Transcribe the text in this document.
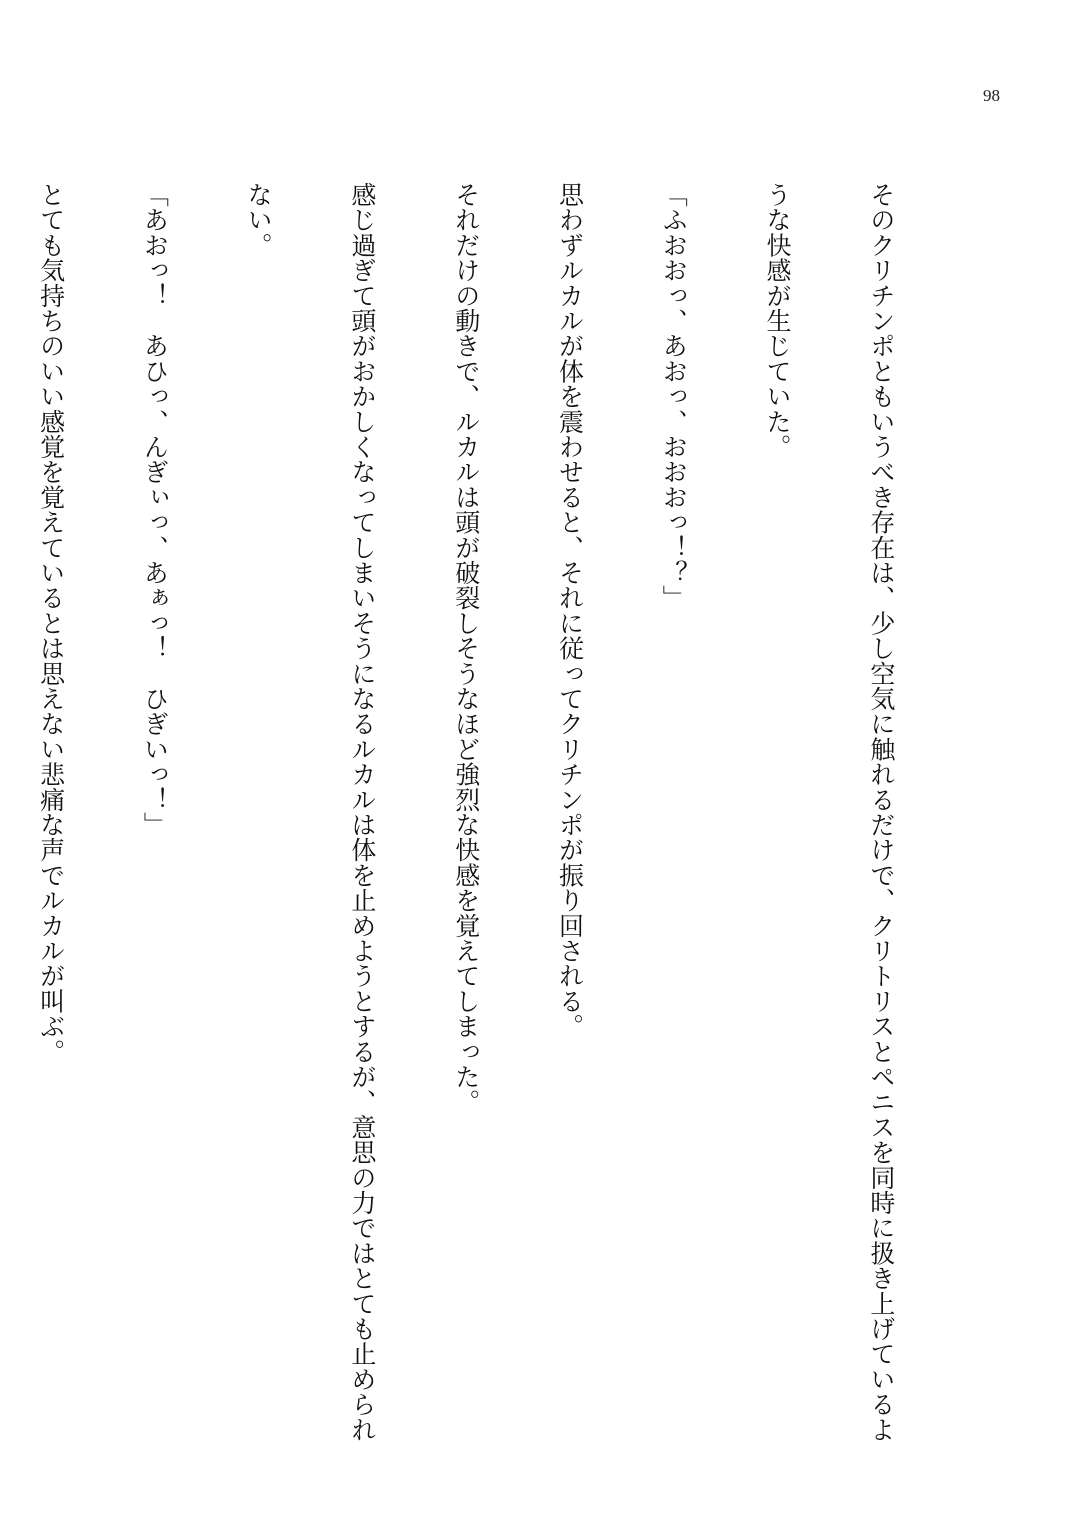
98

そのクリチンポともいうべき存在は、少し空気に触れるだけで、クリトリスとペニスを同時に扱き上げているよ

うな快感が生じていた。

「ふおおっ、あおっ、おおおっ！？」

思わずルカルが体を震わせると、それに従ってクリチンポが振り回される。

それだけの動きで、ルカルは頭が破裂しそうなほど強烈な快感を覚えてしまった。

感じ過ぎて頭がおかしくなってしまいそうになるルカルは体を止めようとするが、意思の力ではとても止められ

ない。

「あおっ！　あひっ、んぎぃっ、あぁっ！　ひぎいっ！」

とても気持ちのいい感覚を覚えているとは思えない悲痛な声でルカルが叫ぶ。
